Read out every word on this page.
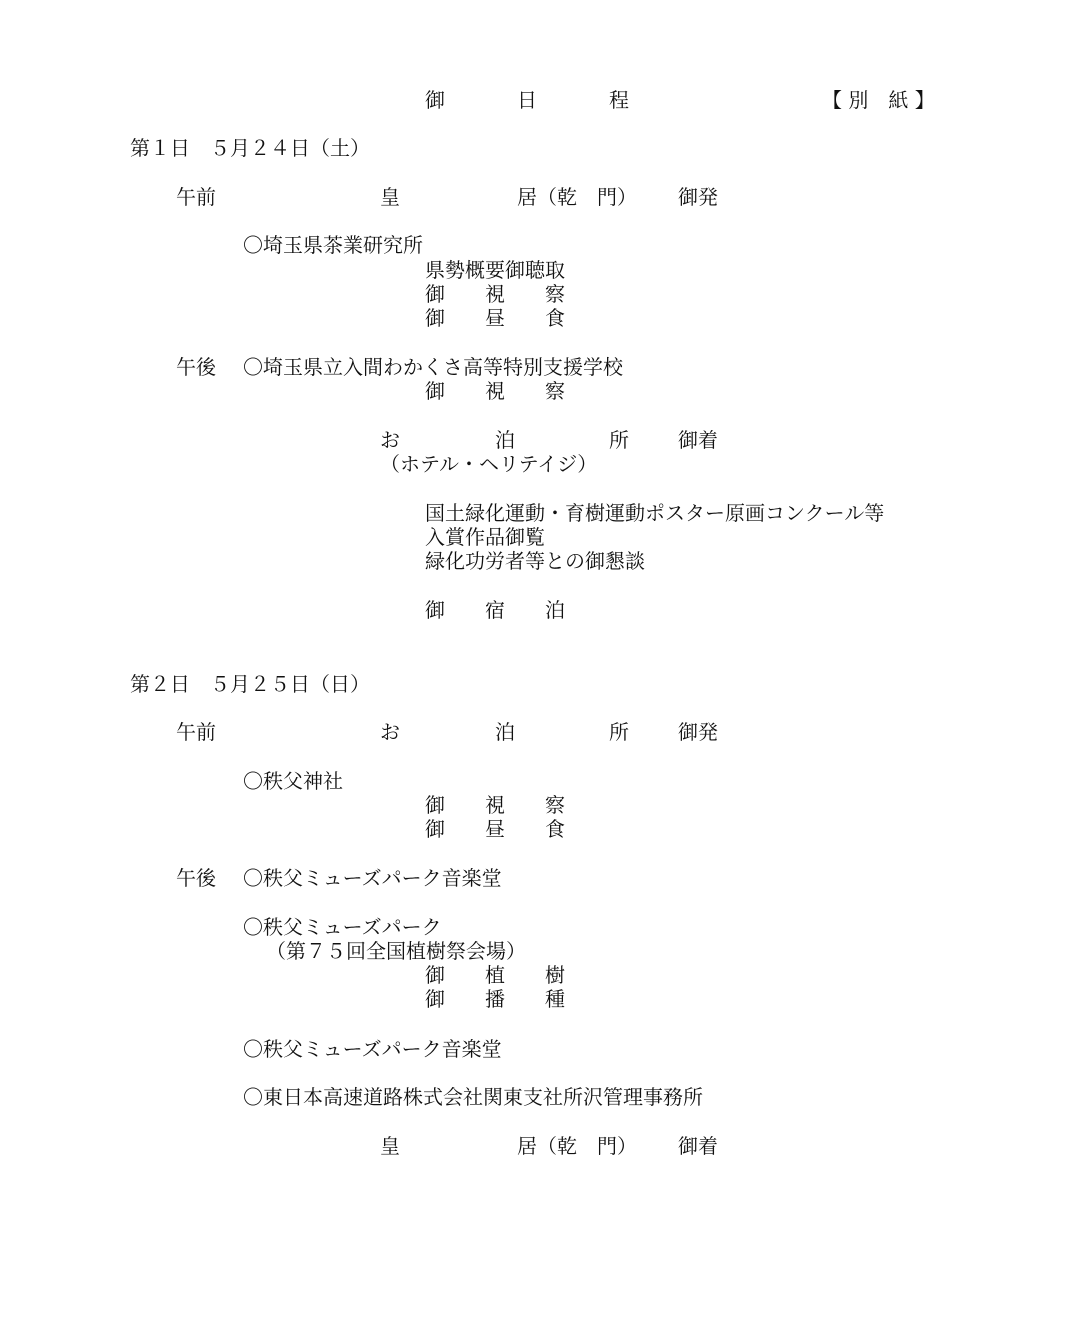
御	日	程	【 別　紙 】
第１日　５月２４日（土）
午前	皇	居（乾　門） 御発
〇埼玉県茶業研究所
県勢概要御聴取
御　　視　　察
御　　昼　　食
午後 〇埼玉県立入間わかくさ高等特別支援学校
御　　視　　察
お	泊	所 御着
（ホテル・ヘリテイジ）
国土緑化運動・育樹運動ポスター原画コンクール等
入賞作品御覧
緑化功労者等との御懇談
御　　宿　　泊
第２日　５月２５日（日）
午前	お	泊	所 御発
〇秩父神社
御　　視　　察
御　　昼　　食
午後 〇秩父ミューズパーク音楽堂
〇秩父ミューズパーク
（第７５回全国植樹祭会場）
御　　植　　樹
御　　播　　種
〇秩父ミューズパーク音楽堂
〇東日本高速道路株式会社関東支社所沢管理事務所
皇	居（乾　門） 御着
